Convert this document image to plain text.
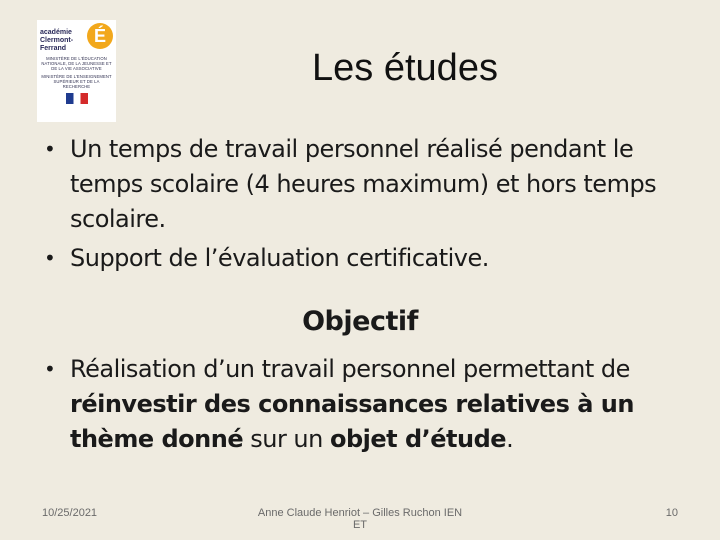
académie
Clermont-Ferrand
É
MINISTÈRE DE L'ÉDUCATION NATIONALE, DE LA JEUNESSE ET DE LA VIE ASSOCIATIVE
MINISTÈRE DE L'ENSEIGNEMENT SUPÉRIEUR ET DE LA RECHERCHE	Les études
• Un temps de travail personnel réalisé pendant le temps scolaire (4 heures maximum) et hors temps scolaire.
• Support de l’évaluation certificative.
Objectif
• Réalisation d’un travail personnel permettant de réinvestir des connaissances relatives à un thème donné sur un objet d’étude.
10/25/2021	Anne Claude Henriot – Gilles Ruchon IEN ET
10
